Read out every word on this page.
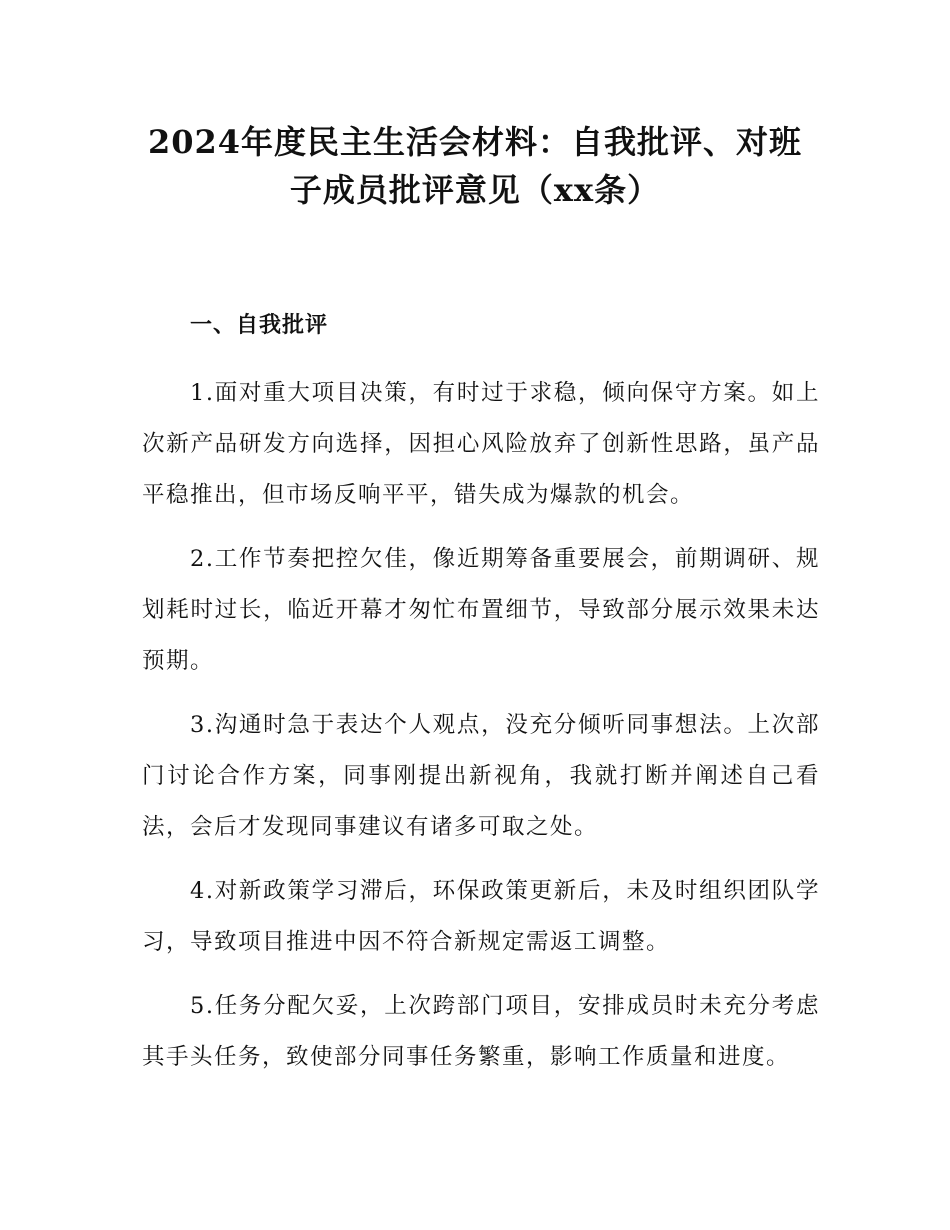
2024年度民主生活会材料：自我批评、对班
子成员批评意见（xx条）
一、自我批评

1.面对重大项目决策，有时过于求稳，倾向保守方案。如上次新产品研发方向选择，因担心风险放弃了创新性思路，虽产品平稳推出，但市场反响平平，错失成为爆款的机会。

2.工作节奏把控欠佳，像近期筹备重要展会，前期调研、规划耗时过长，临近开幕才匆忙布置细节，导致部分展示效果未达预期。

3.沟通时急于表达个人观点，没充分倾听同事想法。上次部门讨论合作方案，同事刚提出新视角，我就打断并阐述自己看法，会后才发现同事建议有诸多可取之处。

4.对新政策学习滞后，环保政策更新后，未及时组织团队学习，导致项目推进中因不符合新规定需返工调整。

5.任务分配欠妥，上次跨部门项目，安排成员时未充分考虑其手头任务，致使部分同事任务繁重，影响工作质量和进度。
